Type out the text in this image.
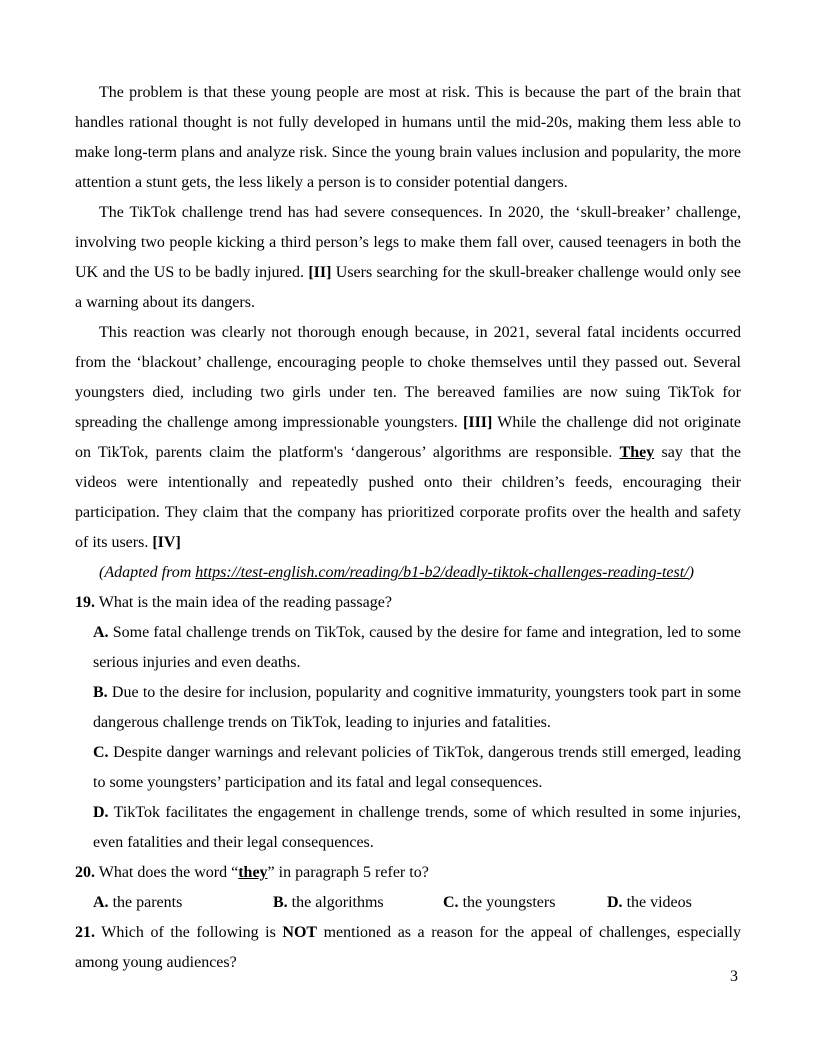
The problem is that these young people are most at risk. This is because the part of the brain that handles rational thought is not fully developed in humans until the mid-20s, making them less able to make long-term plans and analyze risk. Since the young brain values inclusion and popularity, the more attention a stunt gets, the less likely a person is to consider potential dangers.

The TikTok challenge trend has had severe consequences. In 2020, the ‘skull-breaker’ challenge, involving two people kicking a third person’s legs to make them fall over, caused teenagers in both the UK and the US to be badly injured. [II] Users searching for the skull-breaker challenge would only see a warning about its dangers.

This reaction was clearly not thorough enough because, in 2021, several fatal incidents occurred from the ‘blackout’ challenge, encouraging people to choke themselves until they passed out. Several youngsters died, including two girls under ten. The bereaved families are now suing TikTok for spreading the challenge among impressionable youngsters. [III] While the challenge did not originate on TikTok, parents claim the platform's ‘dangerous’ algorithms are responsible. They say that the videos were intentionally and repeatedly pushed onto their children’s feeds, encouraging their participation. They claim that the company has prioritized corporate profits over the health and safety of its users. [IV]

(Adapted from https://test-english.com/reading/b1-b2/deadly-tiktok-challenges-reading-test/)

19. What is the main idea of the reading passage?

A. Some fatal challenge trends on TikTok, caused by the desire for fame and integration, led to some serious injuries and even deaths.

B. Due to the desire for inclusion, popularity and cognitive immaturity, youngsters took part in some dangerous challenge trends on TikTok, leading to injuries and fatalities.

C. Despite danger warnings and relevant policies of TikTok, dangerous trends still emerged, leading to some youngsters’ participation and its fatal and legal consequences.

D. TikTok facilitates the engagement in challenge trends, some of which resulted in some injuries, even fatalities and their legal consequences.

20. What does the word “they” in paragraph 5 refer to?

A. the parents	B. the algorithms	C. the youngsters	D. the videos

21. Which of the following is NOT mentioned as a reason for the appeal of challenges, especially among young audiences?

3
